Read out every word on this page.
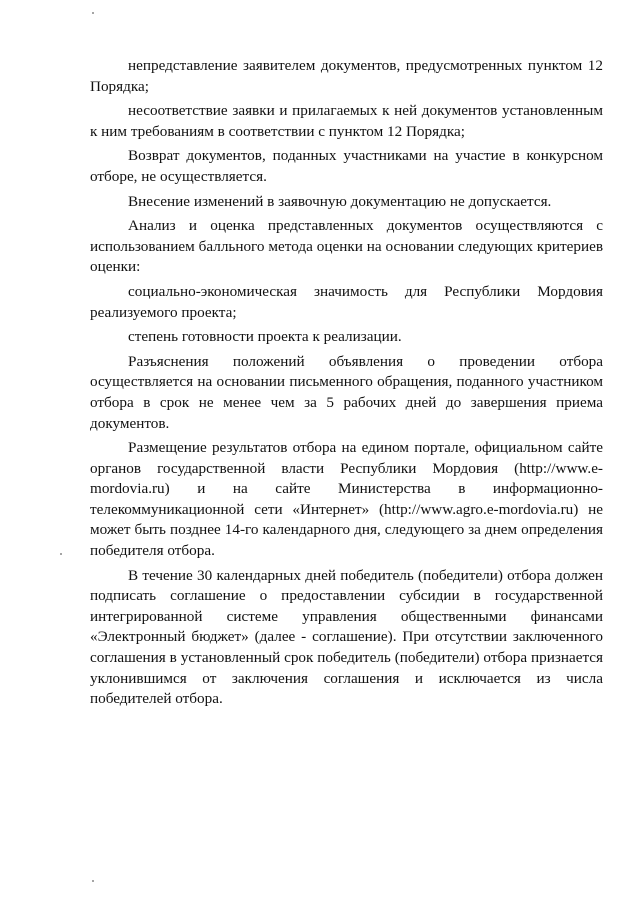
непредставление заявителем документов, предусмотренных пунктом 12 Порядка;

несоответствие заявки и прилагаемых к ней документов установленным к ним требованиям в соответствии с пунктом 12 Порядка;

Возврат документов, поданных участниками на участие в конкурсном отборе, не осуществляется.

Внесение изменений в заявочную документацию не допускается.

Анализ и оценка представленных документов осуществляются с использованием балльного метода оценки на основании следующих критериев оценки:

социально-экономическая значимость для Республики Мордовия реализуемого проекта;

степень готовности проекта к реализации.

Разъяснения положений объявления о проведении отбора осуществляется на основании письменного обращения, поданного участником отбора в срок не менее чем за 5 рабочих дней до завершения приема документов.

Размещение результатов отбора на едином портале, официальном сайте органов государственной власти Республики Мордовия (http://www.e-mordovia.ru) и на сайте Министерства в информационно-телекоммуникационной сети «Интернет» (http://www.agro.e-mordovia.ru) не может быть позднее 14-го календарного дня, следующего за днем определения победителя отбора.

В течение 30 календарных дней победитель (победители) отбора должен подписать соглашение о предоставлении субсидии в государственной интегрированной системе управления общественными финансами «Электронный бюджет» (далее - соглашение). При отсутствии заключенного соглашения в установленный срок победитель (победители) отбора признается уклонившимся от заключения соглашения и исключается из числа победителей отбора.
